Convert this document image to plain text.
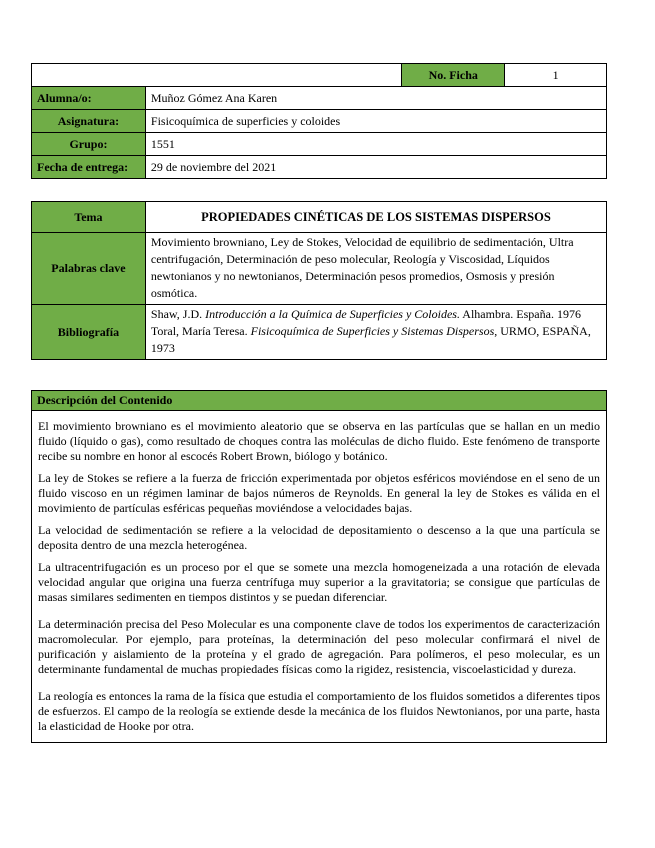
		No. Ficha	1
Alumna/o:	Muñoz Gómez Ana Karen		
Asignatura:	Fisicoquímica de superficies y coloides		
Grupo:	1551		
Fecha de entrega:	29 de noviembre del 2021		
Tema	PROPIEDADES CINÉTICAS DE LOS SISTEMAS DISPERSOS
Palabras clave	Movimiento browniano, Ley de Stokes, Velocidad de equilibrio de sedimentación, Ultra centrifugación, Determinación de peso molecular, Reología y Viscosidad, Líquidos newtonianos y no newtonianos, Determinación pesos promedios, Osmosis y presión osmótica.
Bibliografía	Shaw, J.D. Introducción a la Química de Superficies y Coloides. Alhambra. España. 1976
Toral, María Teresa. Fisicoquímica de Superficies y Sistemas Dispersos, URMO, ESPAÑA, 1973
Descripción del Contenido

El movimiento browniano es el movimiento aleatorio que se observa en las partículas que se hallan en un medio fluido (líquido o gas), como resultado de choques contra las moléculas de dicho fluido. Este fenómeno de transporte recibe su nombre en honor al escocés Robert Brown, biólogo y botánico.

La ley de Stokes se refiere a la fuerza de fricción experimentada por objetos esféricos moviéndose en el seno de un fluido viscoso en un régimen laminar de bajos números de Reynolds. En general la ley de Stokes es válida en el movimiento de partículas esféricas pequeñas moviéndose a velocidades bajas.

La velocidad de sedimentación se refiere a la velocidad de depositamiento o descenso a la que una partícula se deposita dentro de una mezcla heterogénea.

La ultracentrifugación es un proceso por el que se somete una mezcla homogeneizada a una rotación de elevada velocidad angular que origina una fuerza centrífuga muy superior a la gravitatoria; se consigue que partículas de masas similares sedimenten en tiempos distintos y se puedan diferenciar.

La determinación precisa del Peso Molecular es una componente clave de todos los experimentos de caracterización macromolecular. Por ejemplo, para proteínas, la determinación del peso molecular confirmará el nivel de purificación y aislamiento de la proteína y el grado de agregación. Para polímeros, el peso molecular, es un determinante fundamental de muchas propiedades físicas como la rigidez, resistencia, viscoelasticidad y dureza.

La reología es entonces la rama de la física que estudia el comportamiento de los fluidos sometidos a diferentes tipos de esfuerzos. El campo de la reología se extiende desde la mecánica de los fluidos Newtonianos, por una parte, hasta la elasticidad de Hooke por otra.
